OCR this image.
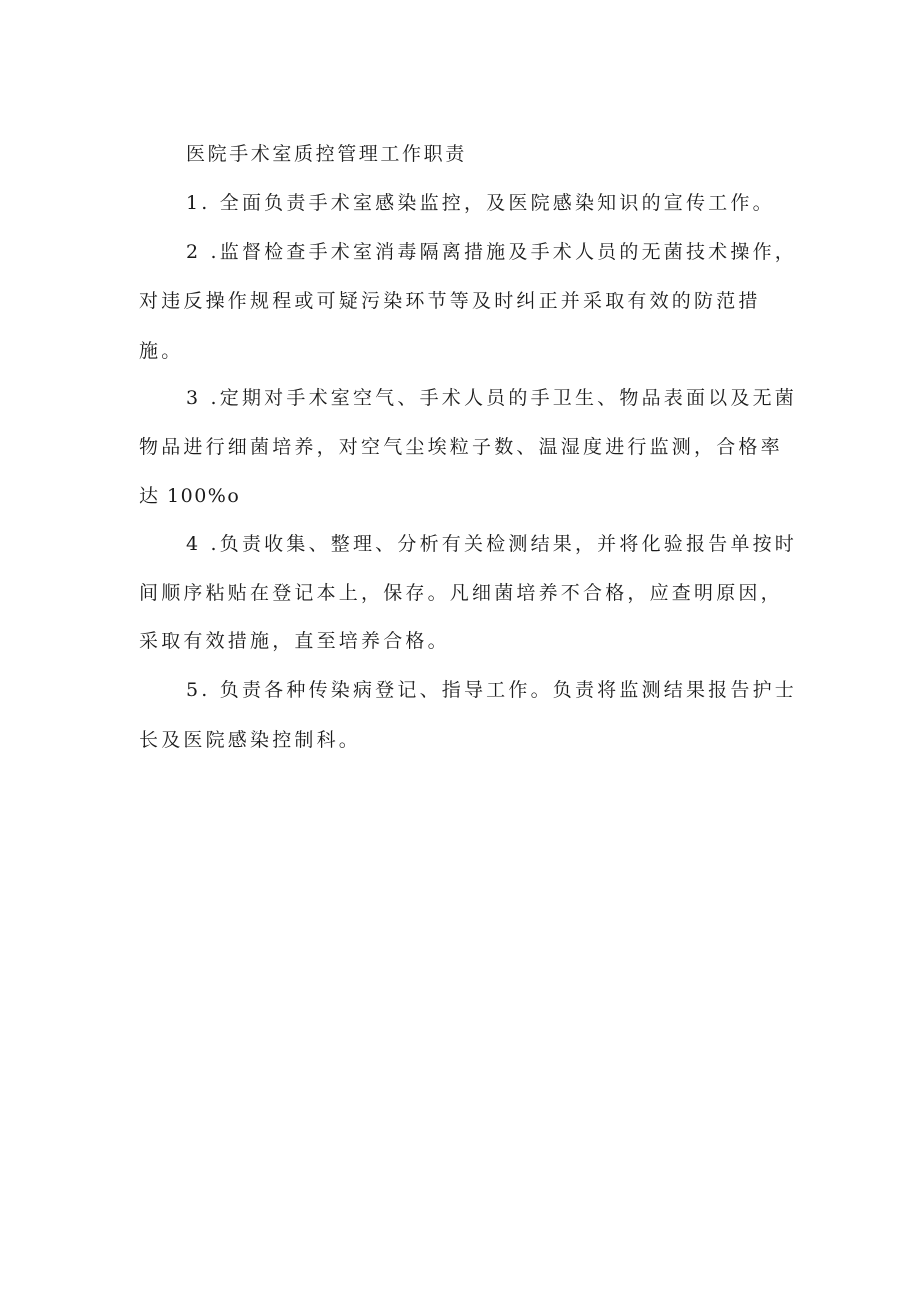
医院手术室质控管理工作职责
1. 全面负责手术室感染监控，及医院感染知识的宣传工作。
2 .监督检查手术室消毒隔离措施及手术人员的无菌技术操作，
对违反操作规程或可疑污染环节等及时纠正并采取有效的防范措
施。
3 .定期对手术室空气、手术人员的手卫生、物品表面以及无菌
物品进行细菌培养，对空气尘埃粒子数、温湿度进行监测，合格率
达 100%o
4 .负责收集、整理、分析有关检测结果，并将化验报告单按时
间顺序粘贴在登记本上，保存。凡细菌培养不合格，应查明原因，
采取有效措施，直至培养合格。
5. 负责各种传染病登记、指导工作。负责将监测结果报告护士
长及医院感染控制科。
